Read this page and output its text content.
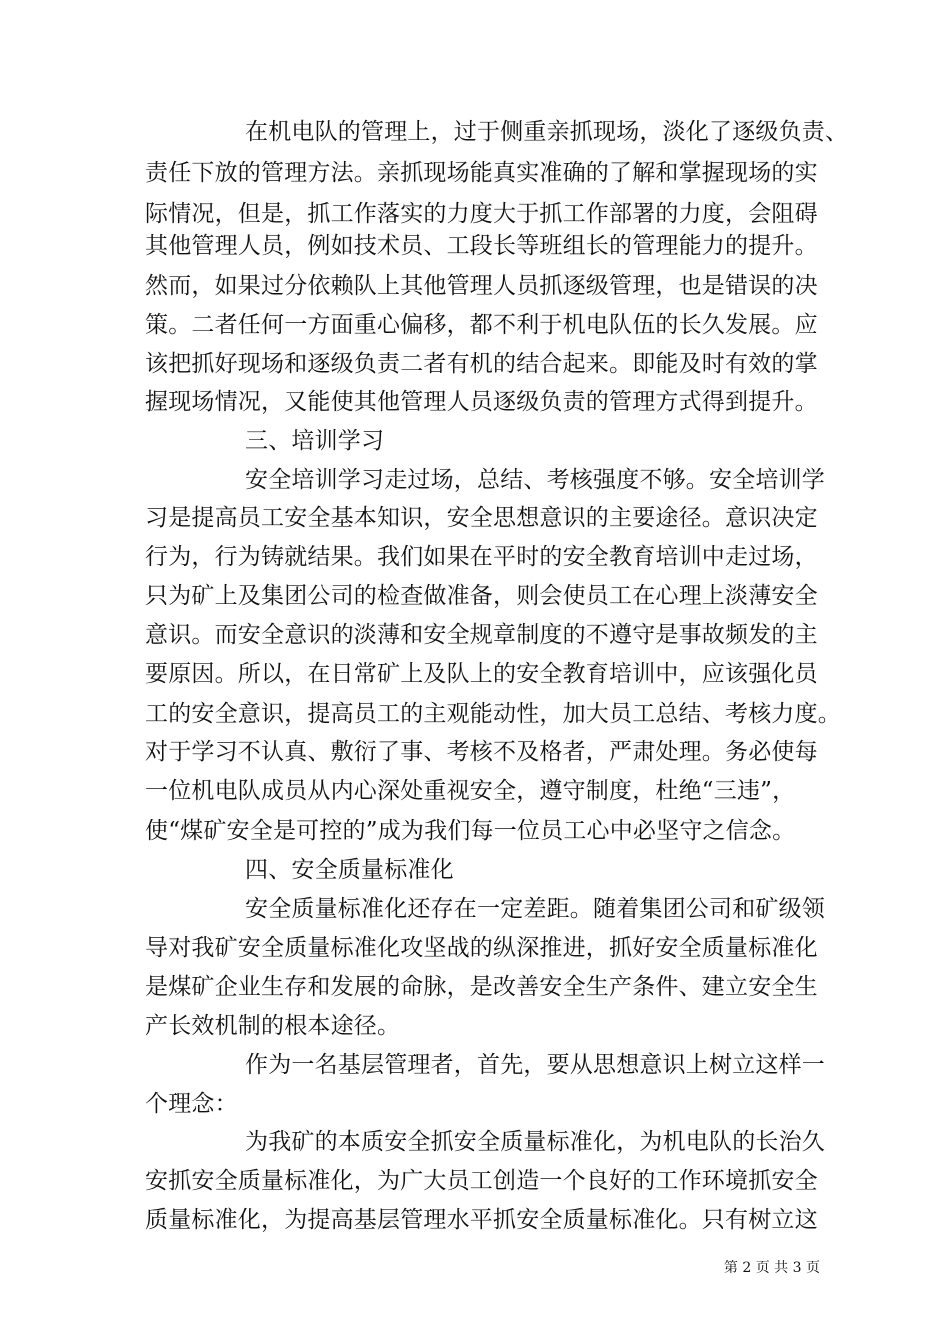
在机电队的管理上，过于侧重亲抓现场，淡化了逐级负责、
责任下放的管理方法。亲抓现场能真实准确的了解和掌握现场的实
际情况，但是，抓工作落实的力度大于抓工作部署的力度，会阻碍
其他管理人员，例如技术员、工段长等班组长的管理能力的提升。
然而，如果过分依赖队上其他管理人员抓逐级管理，也是错误的决
策。二者任何一方面重心偏移，都不利于机电队伍的长久发展。应
该把抓好现场和逐级负责二者有机的结合起来。即能及时有效的掌
握现场情况，又能使其他管理人员逐级负责的管理方式得到提升。
三、培训学习
安全培训学习走过场，总结、考核强度不够。安全培训学
习是提高员工安全基本知识，安全思想意识的主要途径。意识决定
行为，行为铸就结果。我们如果在平时的安全教育培训中走过场，
只为矿上及集团公司的检查做准备，则会使员工在心理上淡薄安全
意识。而安全意识的淡薄和安全规章制度的不遵守是事故频发的主
要原因。所以，在日常矿上及队上的安全教育培训中，应该强化员
工的安全意识，提高员工的主观能动性，加大员工总结、考核力度。
对于学习不认真、敷衍了事、考核不及格者，严肃处理。务必使每
一位机电队成员从内心深处重视安全，遵守制度，杜绝“三违”，
使“煤矿安全是可控的”成为我们每一位员工心中必坚守之信念。
四、安全质量标准化
安全质量标准化还存在一定差距。随着集团公司和矿级领
导对我矿安全质量标准化攻坚战的纵深推进，抓好安全质量标准化
是煤矿企业生存和发展的命脉，是改善安全生产条件、建立安全生
产长效机制的根本途径。
作为一名基层管理者，首先，要从思想意识上树立这样一
个理念：
为我矿的本质安全抓安全质量标准化，为机电队的长治久
安抓安全质量标准化，为广大员工创造一个良好的工作环境抓安全
质量标准化，为提高基层管理水平抓安全质量标准化。只有树立这
第 2 页 共 3 页
